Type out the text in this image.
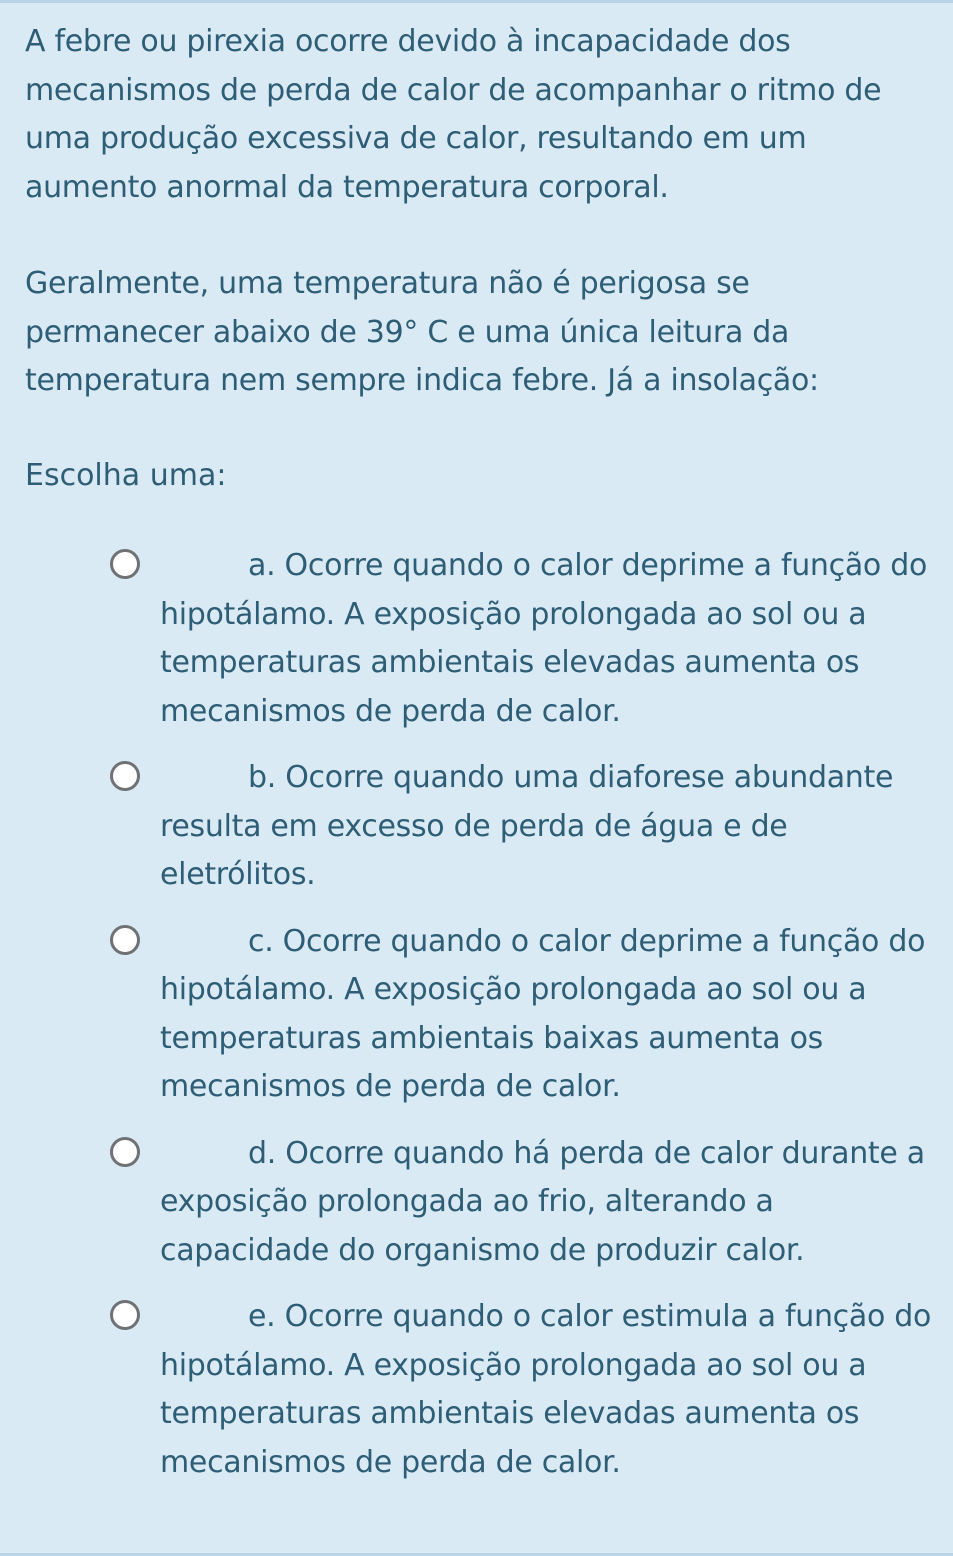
A febre ou pirexia ocorre devido à incapacidade dos mecanismos de perda de calor de acompanhar o ritmo de uma produção excessiva de calor, resultando em um aumento anormal da temperatura corporal.

Geralmente, uma temperatura não é perigosa se permanecer abaixo de 39° C e uma única leitura da temperatura nem sempre indica febre. Já a insolação:

Escolha uma:

a. Ocorre quando o calor deprime a função do hipotálamo. A exposição prolongada ao sol ou a temperaturas ambientais elevadas aumenta os mecanismos de perda de calor.
b. Ocorre quando uma diaforese abundante resulta em excesso de perda de água e de eletrólitos.
c. Ocorre quando o calor deprime a função do hipotálamo. A exposição prolongada ao sol ou a temperaturas ambientais baixas aumenta os mecanismos de perda de calor.
d. Ocorre quando há perda de calor durante a exposição prolongada ao frio, alterando a capacidade do organismo de produzir calor.
e. Ocorre quando o calor estimula a função do hipotálamo. A exposição prolongada ao sol ou a temperaturas ambientais elevadas aumenta os mecanismos de perda de calor.
